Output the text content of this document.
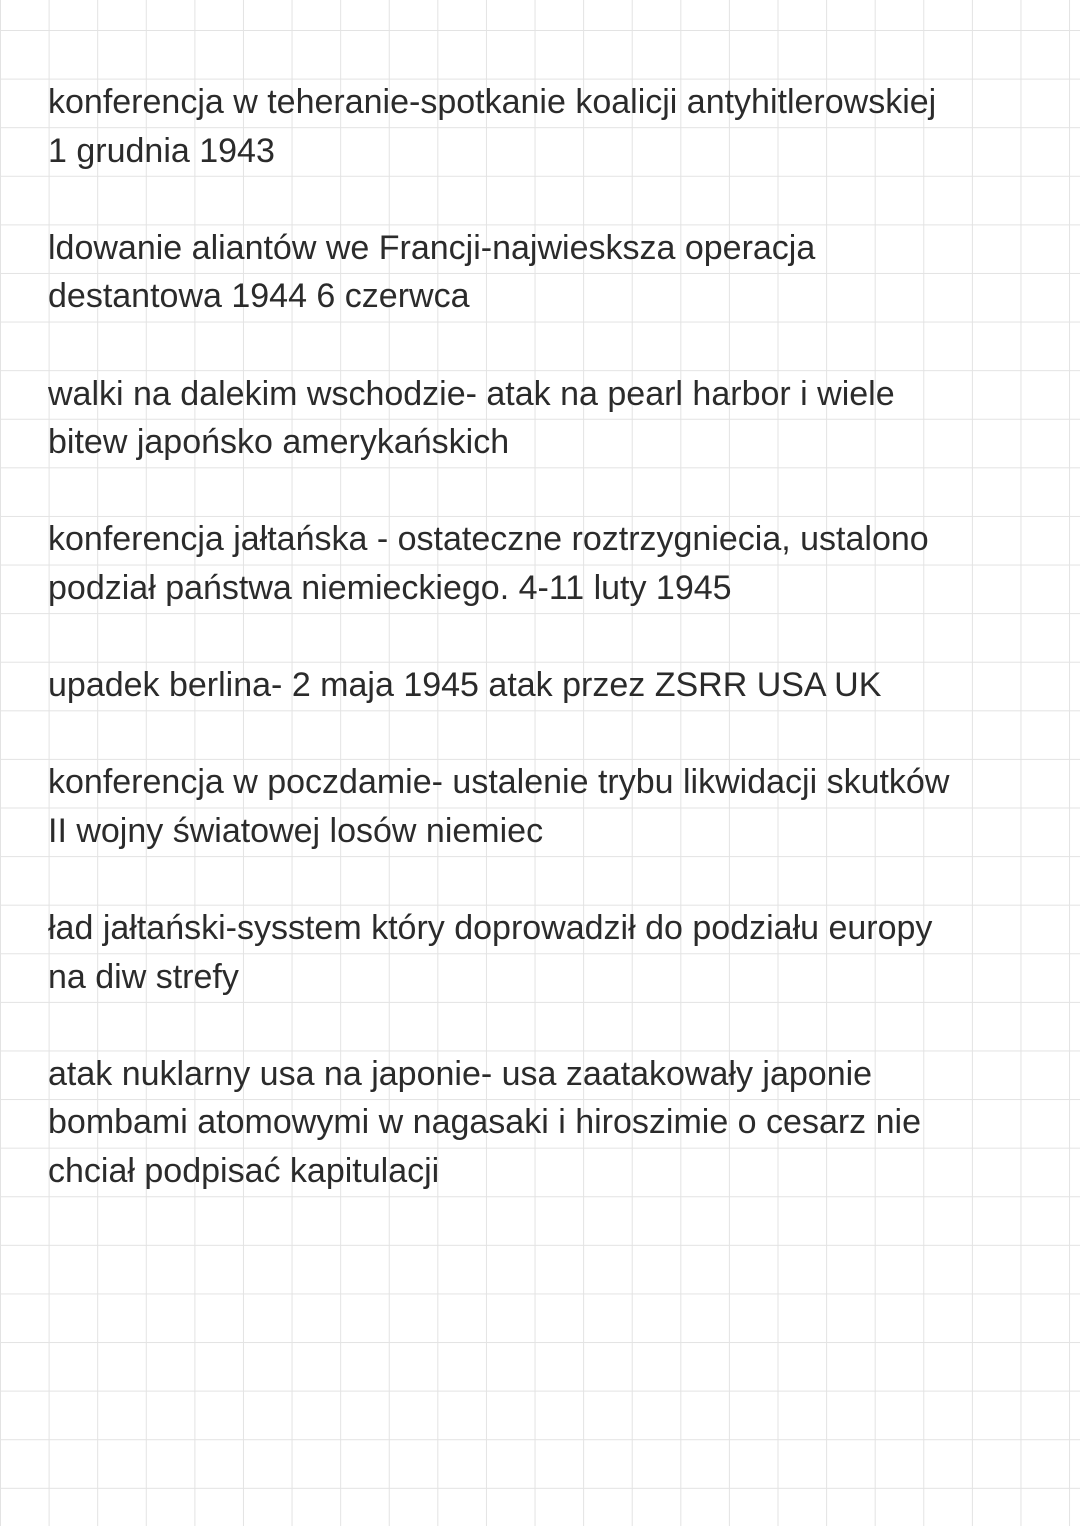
konferencja w teheranie-spotkanie koalicji antyhitlerowskiej
1 grudnia 1943

ldowanie aliantów we Francji-najwiesksza operacja
destantowa 1944 6 czerwca

walki na dalekim wschodzie- atak na pearl harbor i wiele
bitew japońsko amerykańskich

konferencja jałtańska - ostateczne roztrzygniecia, ustalono
podział państwa niemieckiego. 4-11 luty 1945

upadek berlina- 2 maja 1945 atak przez ZSRR USA UK

konferencja w poczdamie- ustalenie trybu likwidacji skutków
II wojny światowej losów niemiec

ład jałtański-sysstem który doprowadził do podziału europy
na diw strefy

atak nuklarny usa na japonie- usa zaatakowały japonie
bombami atomowymi w nagasaki i hiroszimie o cesarz nie
chciał podpisać kapitulacji
